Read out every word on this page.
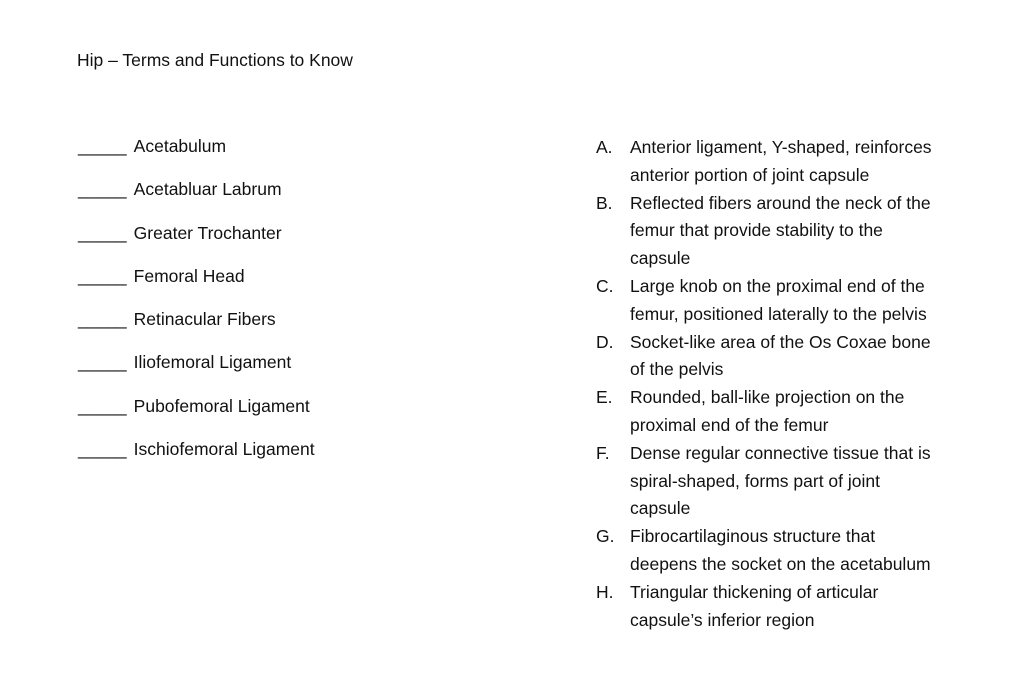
Hip – Terms and Functions to Know
_____ Acetabulum
_____ Acetabluar Labrum
_____ Greater Trochanter
_____ Femoral Head
_____ Retinacular Fibers
_____ Iliofemoral Ligament
_____ Pubofemoral Ligament
_____ Ischiofemoral Ligament
A. Anterior ligament, Y-shaped, reinforces
anterior portion of joint capsule
B. Reflected fibers around the neck of the
femur that provide stability to the
capsule
C. Large knob on the proximal end of the
femur, positioned laterally to the pelvis
D. Socket-like area of the Os Coxae bone
of the pelvis
E. Rounded, ball-like projection on the
proximal end of the femur
F.	Dense regular connective tissue that is
spiral-shaped, forms part of joint
capsule
G. Fibrocartilaginous structure that
deepens the socket on the acetabulum
H. Triangular thickening of articular
capsule’s inferior region
